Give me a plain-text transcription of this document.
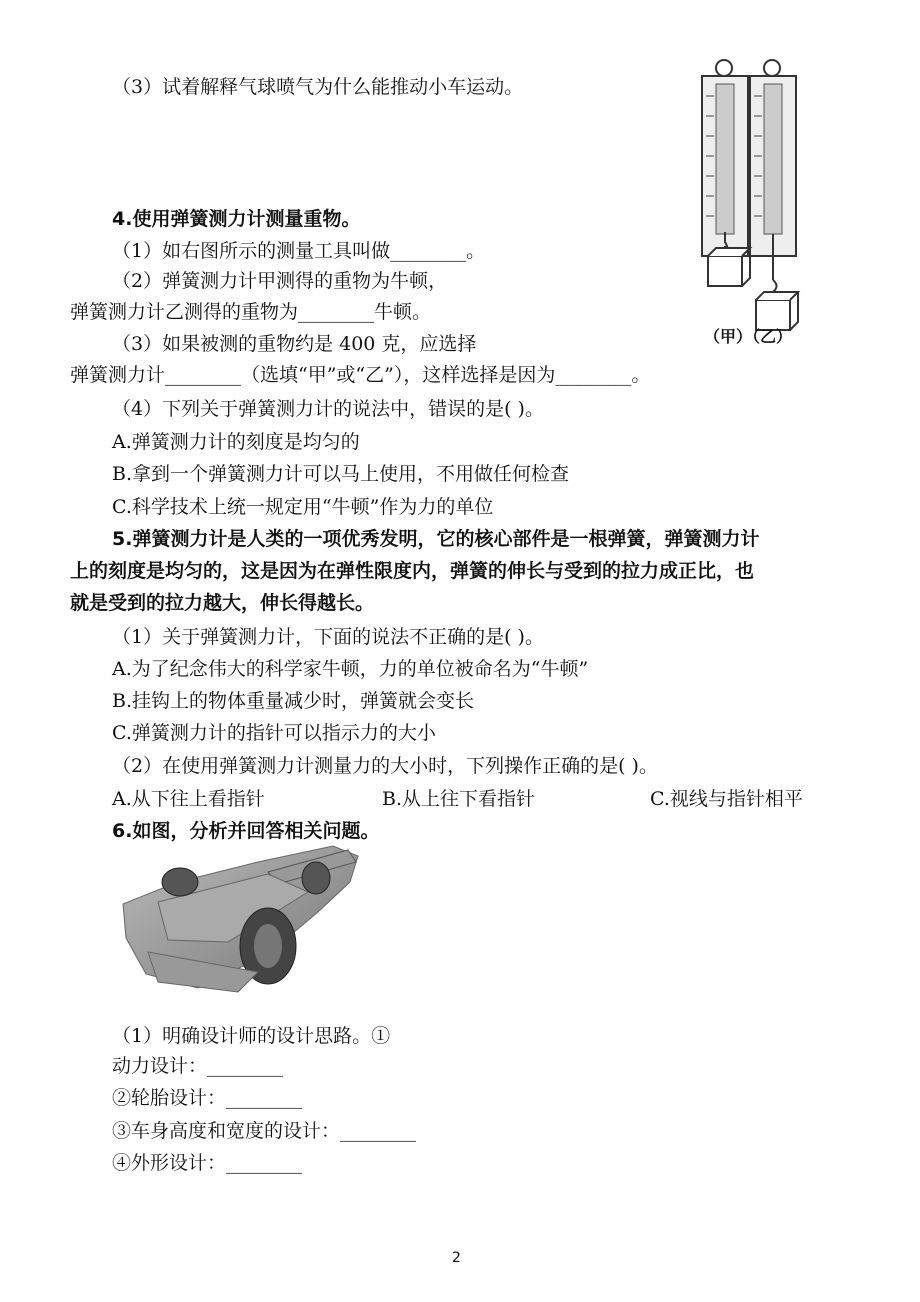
（3）试着解释气球喷气为什么能推动小车运动。
（甲）（乙）
4.使用弹簧测力计测量重物。
（1）如右图所示的测量工具叫做________。
（2）弹簧测力计甲测得的重物为牛顿，
弹簧测力计乙测得的重物为________牛顿。
（3）如果被测的重物约是 400 克，应选择
弹簧测力计________（选填“甲”或“乙”），这样选择是因为________。
（4）下列关于弹簧测力计的说法中，错误的是( )。
A.弹簧测力计的刻度是均匀的
B.拿到一个弹簧测力计可以马上使用，不用做任何检查
C.科学技术上统一规定用“牛顿”作为力的单位
5.弹簧测力计是人类的一项优秀发明，它的核心部件是一根弹簧，弹簧测力计
上的刻度是均匀的，这是因为在弹性限度内，弹簧的伸长与受到的拉力成正比，也
就是受到的拉力越大，伸长得越长。
（1）关于弹簧测力计，下面的说法不正确的是( )。
A.为了纪念伟大的科学家牛顿，力的单位被命名为“牛顿”
B.挂钩上的物体重量减少时，弹簧就会变长
C.弹簧测力计的指针可以指示力的大小
（2）在使用弹簧测力计测量力的大小时，下列操作正确的是( )。
A.从下往上看指针	B.从上往下看指针	C.视线与指针相平
6.如图，分析并回答相关问题。
（1）明确设计师的设计思路。①
动力设计：________
②轮胎设计：________
③车身高度和宽度的设计：________
④外形设计：________
2
